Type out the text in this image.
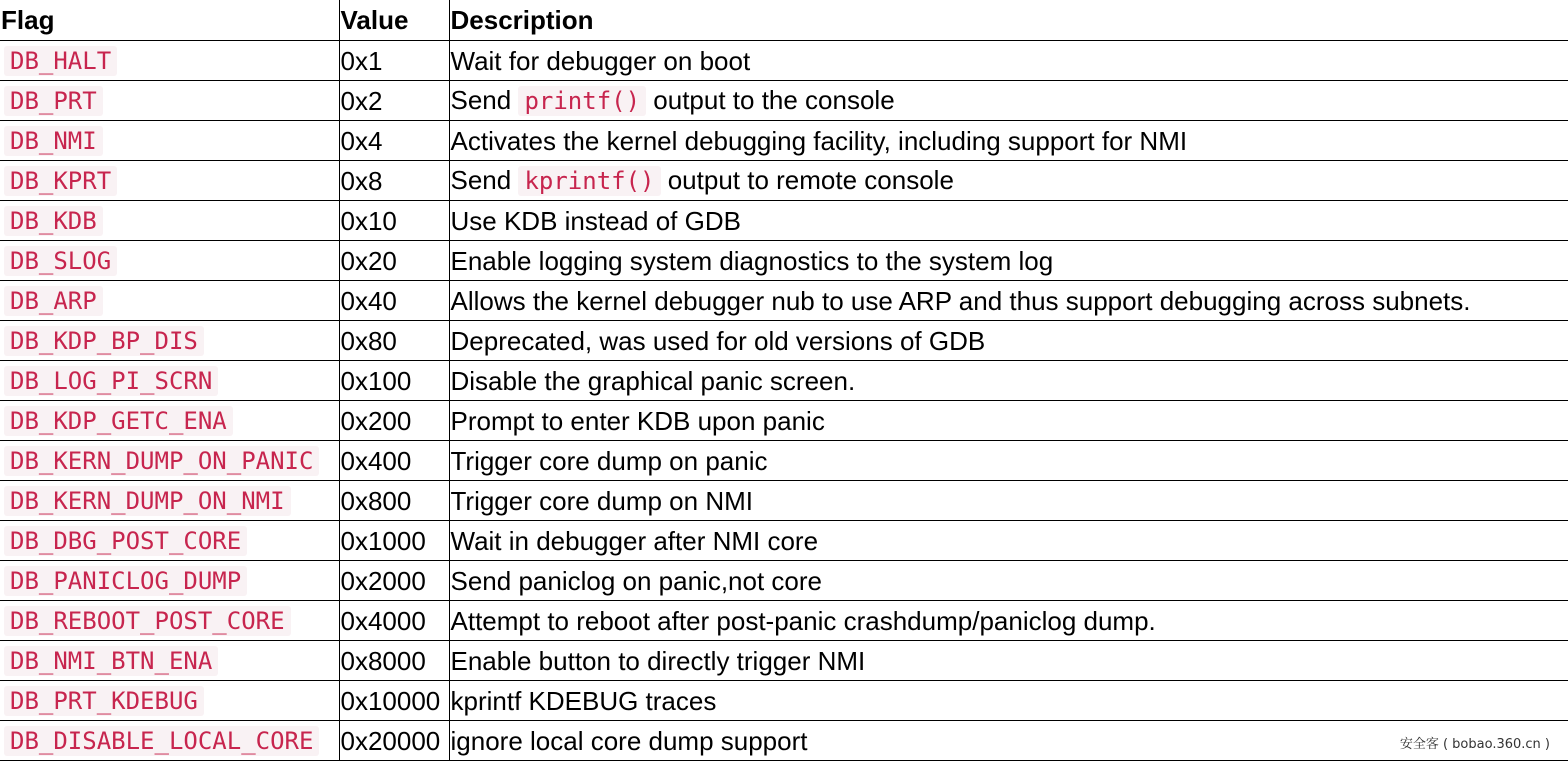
Flag	Value	Description
DB_HALT	0x1	Wait for debugger on boot
DB_PRT	0x2	Send printf() output to the console
DB_NMI	0x4	Activates the kernel debugging facility, including support for NMI
DB_KPRT	0x8	Send kprintf() output to remote console
DB_KDB	0x10	Use KDB instead of GDB
DB_SLOG	0x20	Enable logging system diagnostics to the system log
DB_ARP	0x40	Allows the kernel debugger nub to use ARP and thus support debugging across subnets.
DB_KDP_BP_DIS	0x80	Deprecated, was used for old versions of GDB
DB_LOG_PI_SCRN	0x100	Disable the graphical panic screen.
DB_KDP_GETC_ENA	0x200	Prompt to enter KDB upon panic
DB_KERN_DUMP_ON_PANIC	0x400	Trigger core dump on panic
DB_KERN_DUMP_ON_NMI	0x800	Trigger core dump on NMI
DB_DBG_POST_CORE	0x1000	Wait in debugger after NMI core
DB_PANICLOG_DUMP	0x2000	Send paniclog on panic,not core
DB_REBOOT_POST_CORE	0x4000	Attempt to reboot after post-panic crashdump/paniclog dump.
DB_NMI_BTN_ENA	0x8000	Enable button to directly trigger NMI
DB_PRT_KDEBUG	0x10000	kprintf KDEBUG traces
DB_DISABLE_LOCAL_CORE	0x20000	ignore local core dump support	安全客 ( bobao.360.cn )
